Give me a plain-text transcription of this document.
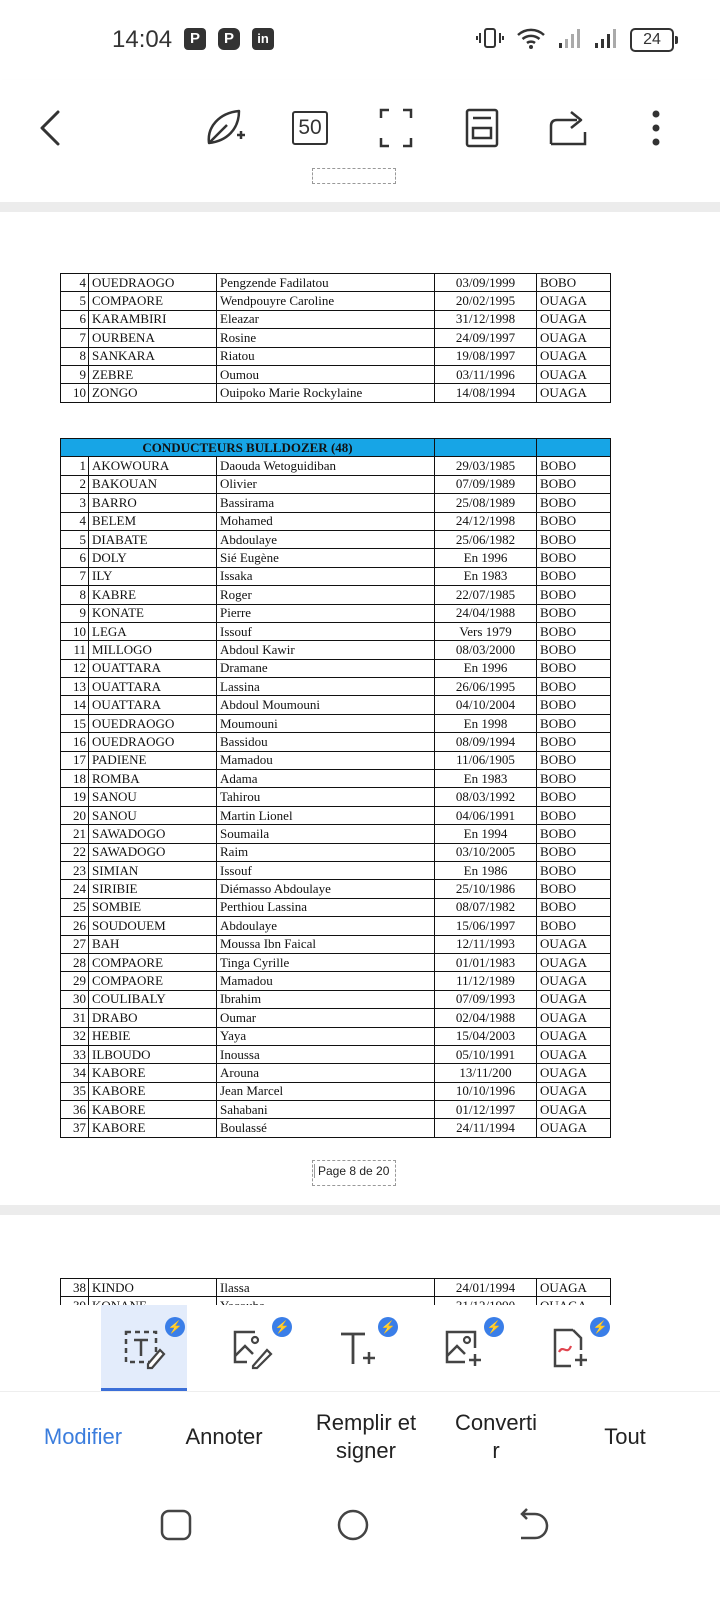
14:04	P	P	in	24
50
4	OUEDRAOGO	Pengzende Fadilatou	03/09/1999	BOBO
5	COMPAORE	Wendpouyre Caroline	20/02/1995	OUAGA
6	KARAMBIRI	Eleazar	31/12/1998	OUAGA
7	OURBENA	Rosine	24/09/1997	OUAGA
8	SANKARA	Riatou	19/08/1997	OUAGA
9	ZEBRE	Oumou	03/11/1996	OUAGA
10	ZONGO	Ouipoko Marie Rockylaine	14/08/1994	OUAGA
CONDUCTEURS BULLDOZER (48)				
1	AKOWOURA	Daouda Wetoguidiban	29/03/1985	BOBO
2	BAKOUAN	Olivier	07/09/1989	BOBO
3	BARRO	Bassirama	25/08/1989	BOBO
4	BELEM	Mohamed	24/12/1998	BOBO
5	DIABATE	Abdoulaye	25/06/1982	BOBO
6	DOLY	Sié Eugène	En 1996	BOBO
7	ILY	Issaka	En 1983	BOBO
8	KABRE	Roger	22/07/1985	BOBO
9	KONATE	Pierre	24/04/1988	BOBO
10	LEGA	Issouf	Vers 1979	BOBO
11	MILLOGO	Abdoul Kawir	08/03/2000	BOBO
12	OUATTARA	Dramane	En 1996	BOBO
13	OUATTARA	Lassina	26/06/1995	BOBO
14	OUATTARA	Abdoul Moumouni	04/10/2004	BOBO
15	OUEDRAOGO	Moumouni	En 1998	BOBO
16	OUEDRAOGO	Bassidou	08/09/1994	BOBO
17	PADIENE	Mamadou	11/06/1905	BOBO
18	ROMBA	Adama	En 1983	BOBO
19	SANOU	Tahirou	08/03/1992	BOBO
20	SANOU	Martin Lionel	04/06/1991	BOBO
21	SAWADOGO	Soumaila	En 1994	BOBO
22	SAWADOGO	Raim	03/10/2005	BOBO
23	SIMIAN	Issouf	En 1986	BOBO
24	SIRIBIE	Diémasso Abdoulaye	25/10/1986	BOBO
25	SOMBIE	Perthiou Lassina	08/07/1982	BOBO
26	SOUDOUEM	Abdoulaye	15/06/1997	BOBO
27	BAH	Moussa Ibn Faical	12/11/1993	OUAGA
28	COMPAORE	Tinga Cyrille	01/01/1983	OUAGA
29	COMPAORE	Mamadou	11/12/1989	OUAGA
30	COULIBALY	Ibrahim	07/09/1993	OUAGA
31	DRABO	Oumar	02/04/1988	OUAGA
32	HEBIE	Yaya	15/04/2003	OUAGA
33	ILBOUDO	Inoussa	05/10/1991	OUAGA
34	KABORE	Arouna	13/11/200	OUAGA
35	KABORE	Jean Marcel	10/10/1996	OUAGA
36	KABORE	Sahabani	01/12/1997	OUAGA
37	KABORE	Boulassé	24/11/1994	OUAGA
Page 8 de 20
38	KINDO	Ilassa	24/01/1994	OUAGA

⚡	⚡	⚡	⚡	⚡
Modifier	Annoter
Remplir et
signer
Converti
r
Tout
